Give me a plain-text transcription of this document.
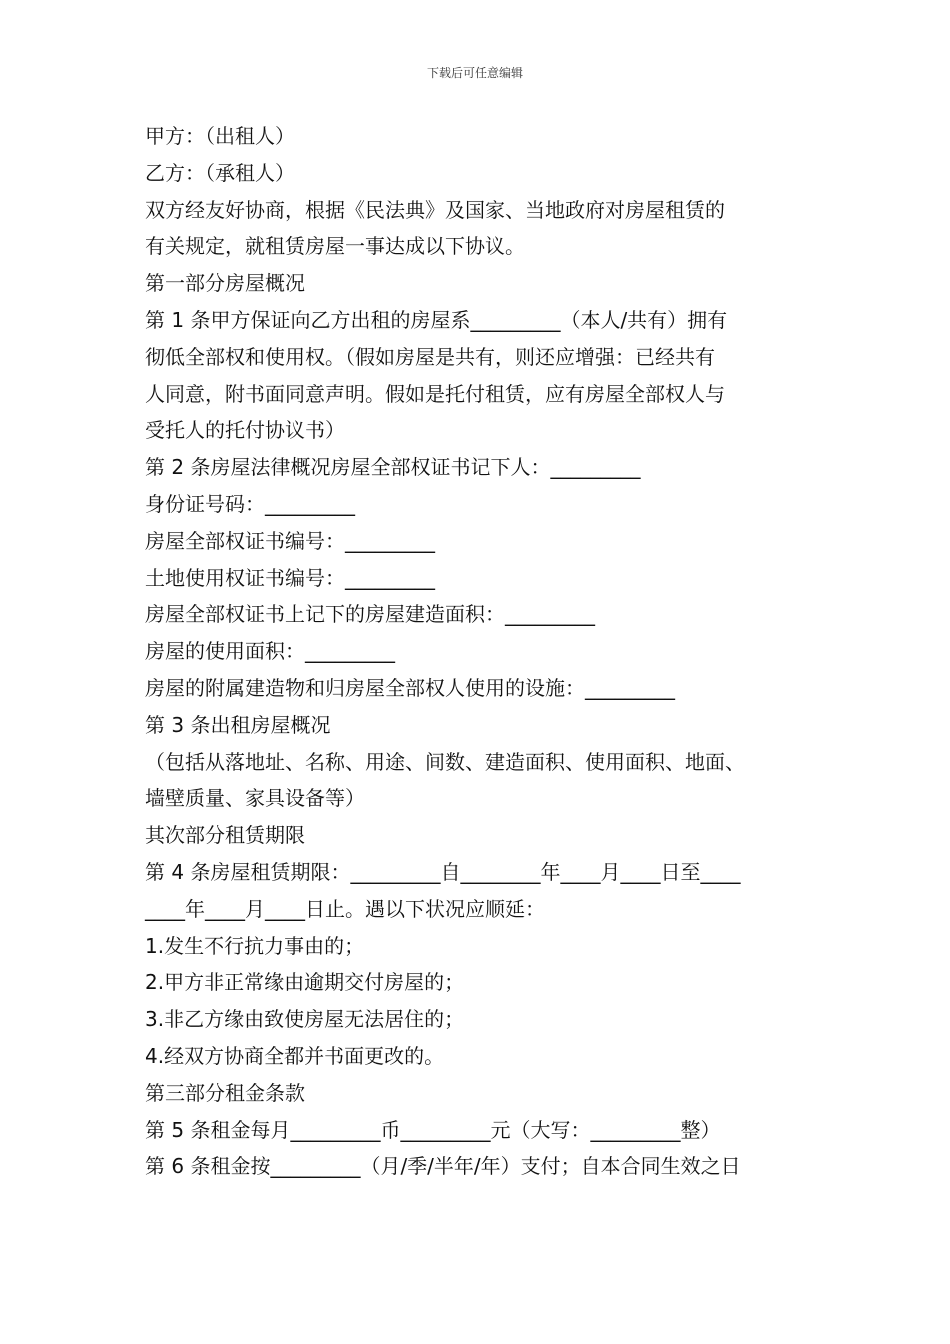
下载后可任意编辑
甲方：（出租人）
乙方：（承租人）
双方经友好协商，根据《民法典》及国家、当地政府对房屋租赁的
有关规定，就租赁房屋一事达成以下协议。
第一部分房屋概况
第 1 条甲方保证向乙方出租的房屋系_________（本人/共有）拥有
彻低全部权和使用权。（假如房屋是共有，则还应增强：已经共有
人同意，附书面同意声明。假如是托付租赁，应有房屋全部权人与
受托人的托付协议书）
第 2 条房屋法律概况房屋全部权证书记下人：_________
身份证号码：_________
房屋全部权证书编号：_________
土地使用权证书编号：_________
房屋全部权证书上记下的房屋建造面积：_________
房屋的使用面积：_________
房屋的附属建造物和归房屋全部权人使用的设施：_________
第 3 条出租房屋概况
（包括从落地址、名称、用途、间数、建造面积、使用面积、地面、
墙壁质量、家具设备等）
其次部分租赁期限
第 4 条房屋租赁期限：_________自________年____月____日至____
____年____月____日止。遇以下状况应顺延：
1.发生不行抗力事由的；
2.甲方非正常缘由逾期交付房屋的；
3.非乙方缘由致使房屋无法居住的；
4.经双方协商全都并书面更改的。
第三部分租金条款
第 5 条租金每月_________币_________元（大写：_________整）
第 6 条租金按_________（月/季/半年/年）支付；自本合同生效之日
